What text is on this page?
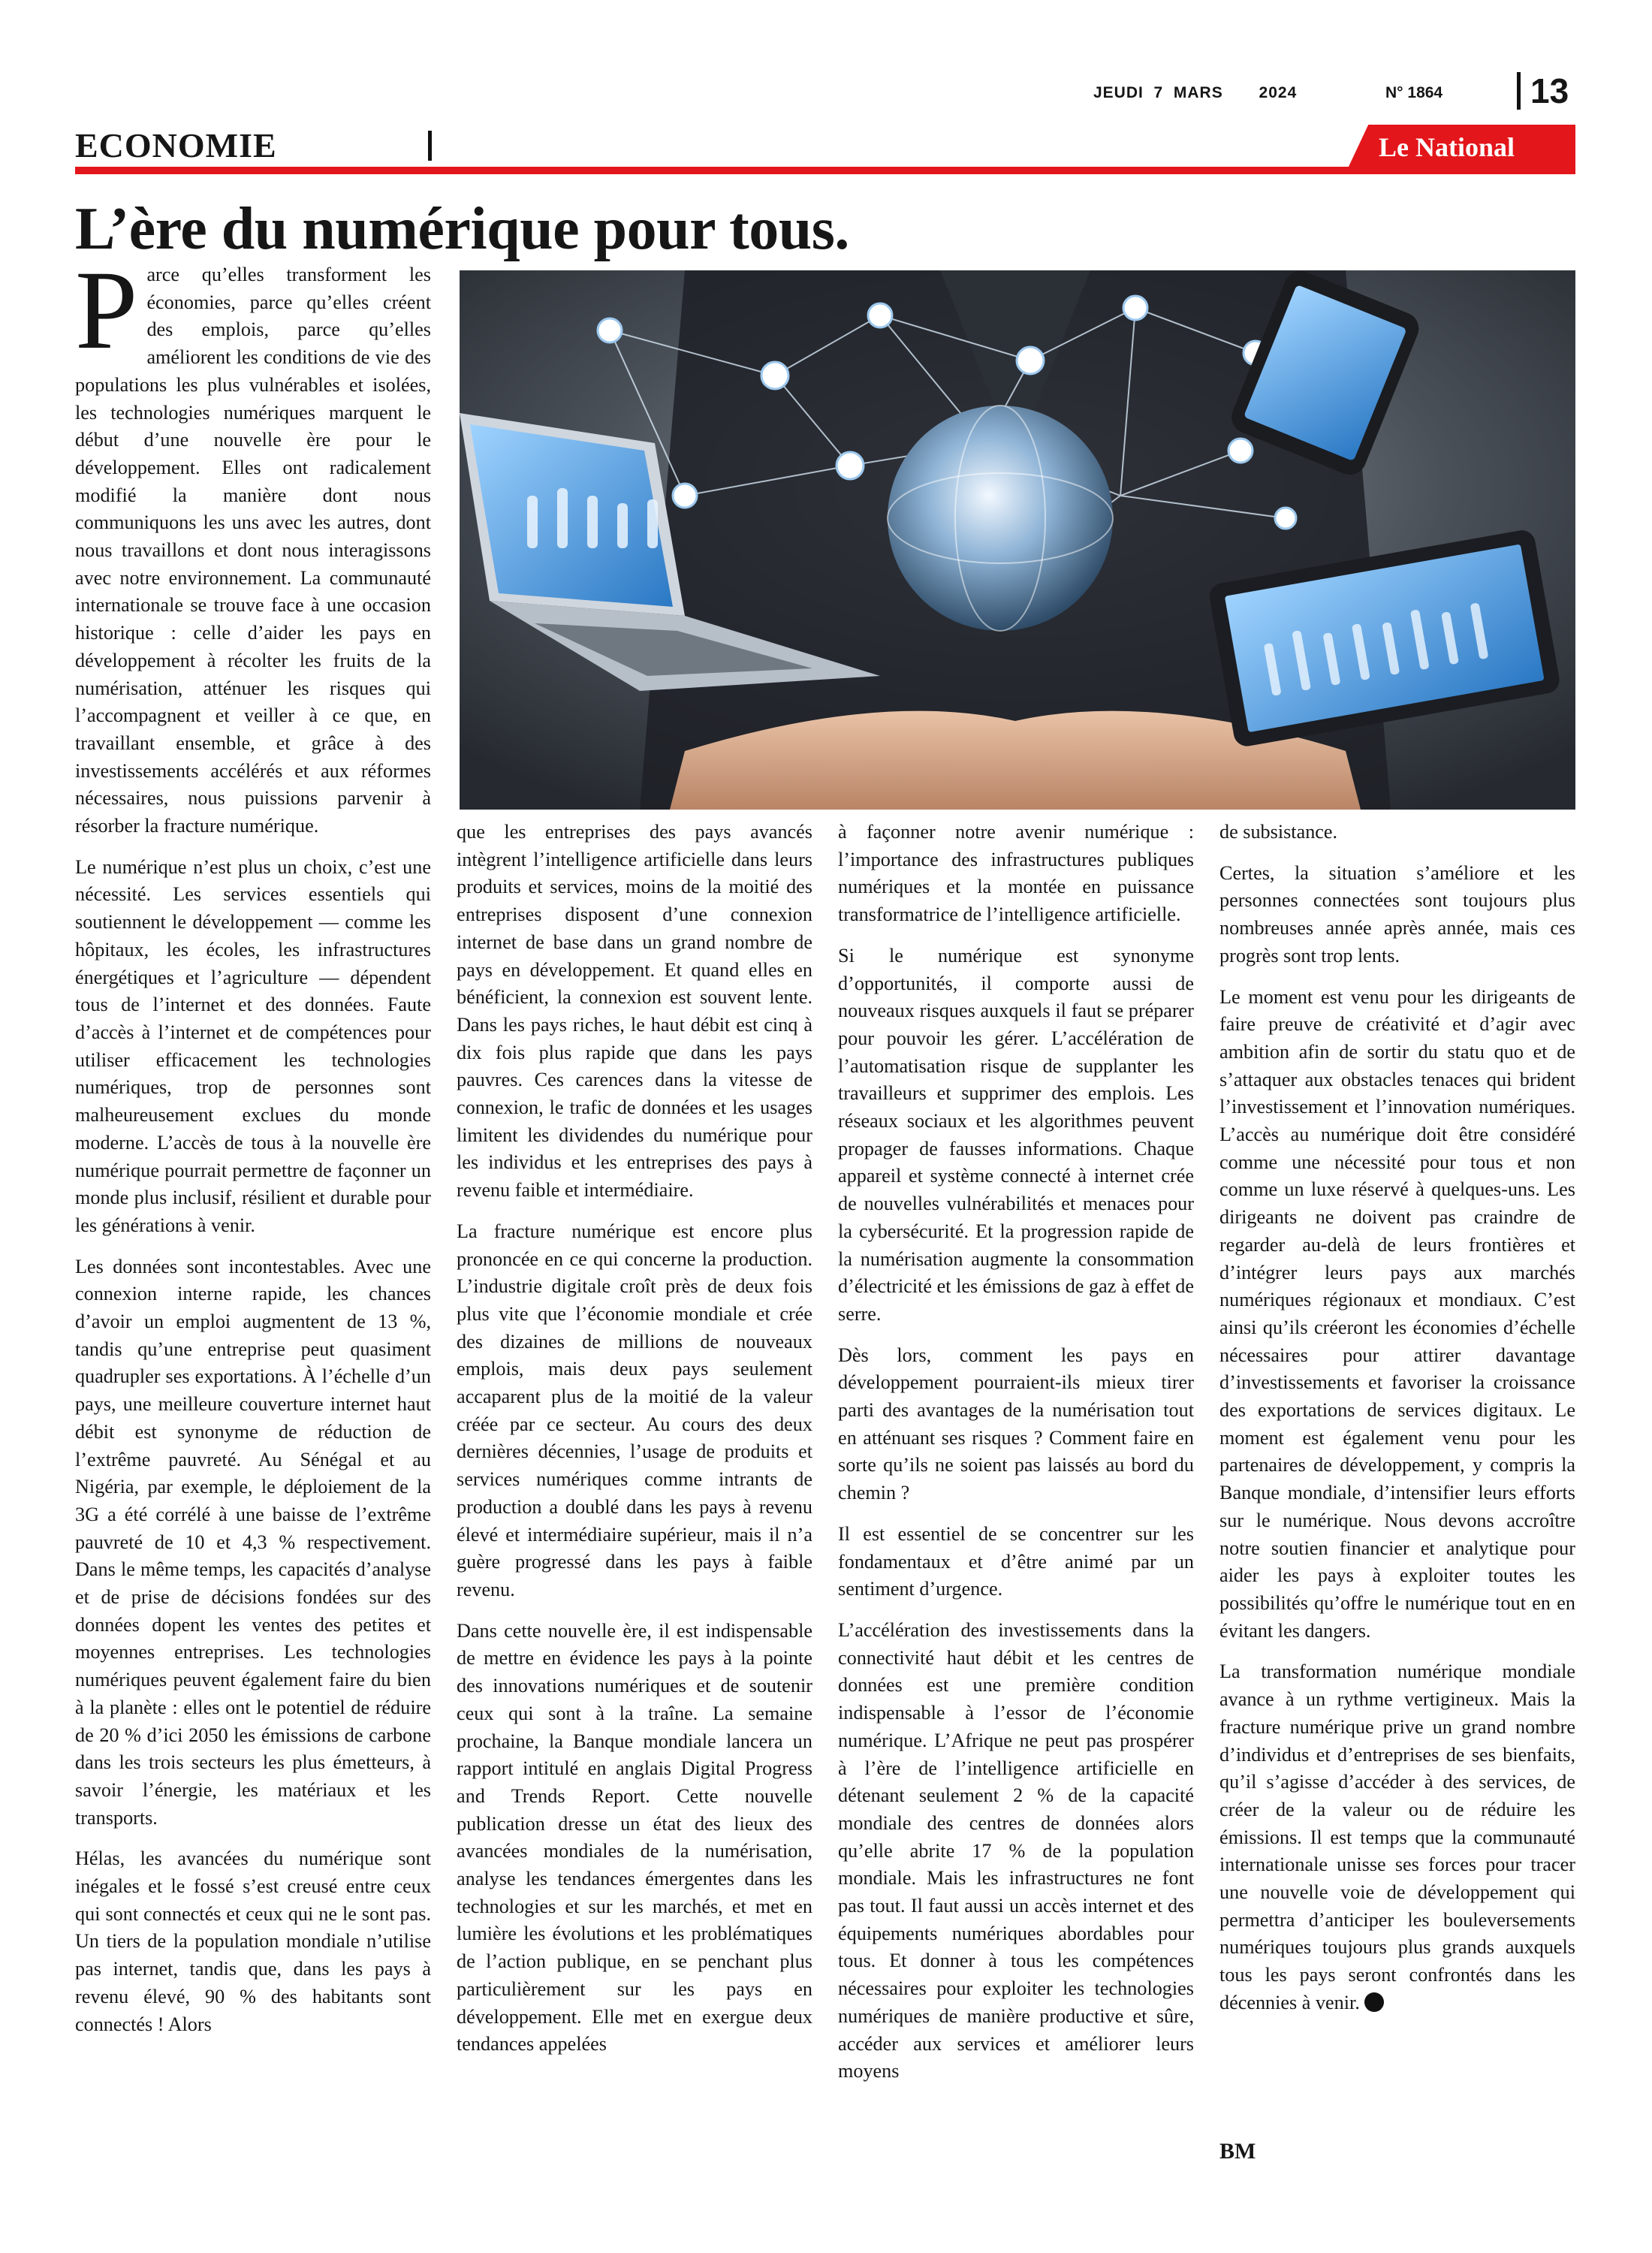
JEUDI  7  MARS       2024	N° 1864	13
ECONOMIE	Le National
L’ère du numérique pour tous.

Parce qu’elles transforment les économies, parce qu’elles créent des emplois, parce qu’elles améliorent les conditions de vie des populations les plus vulnérables et isolées, les technologies numériques marquent le début d’une nouvelle ère pour le développement. Elles ont radicalement modifié la manière dont nous communiquons les uns avec les autres, dont nous travaillons et dont nous interagissons avec notre environnement. La communauté internationale se trouve face à une occasion historique : celle d’aider les pays en développement à récolter les fruits de la numérisation, atténuer les risques qui l’accompagnent et veiller à ce que, en travaillant ensemble, et grâce à des investissements accélérés et aux réformes nécessaires, nous puissions parvenir à résorber la fracture numérique.

Le numérique n’est plus un choix, c’est une nécessité. Les services essentiels qui soutiennent le développement — comme les hôpitaux, les écoles, les infrastructures énergétiques et l’agriculture — dépendent tous de l’internet et des données. Faute d’accès à l’internet et de compétences pour utiliser efficacement les technologies numériques, trop de personnes sont malheureusement exclues du monde moderne. L’accès de tous à la nouvelle ère numérique pourrait permettre de façonner un monde plus inclusif, résilient et durable pour les générations à venir.

Les données sont incontestables. Avec une connexion interne rapide, les chances d’avoir un emploi augmentent de 13 %, tandis qu’une entreprise peut quasiment quadrupler ses exportations. À l’échelle d’un pays, une meilleure couverture internet haut débit est synonyme de réduction de l’extrême pauvreté. Au Sénégal et au Nigéria, par exemple, le déploiement de la 3G a été corrélé à une baisse de l’extrême pauvreté de 10 et 4,3 % respectivement. Dans le même temps, les capacités d’analyse et de prise de décisions fondées sur des données dopent les ventes des petites et moyennes entreprises. Les technologies numériques peuvent également faire du bien à la planète : elles ont le potentiel de réduire de 20 % d’ici 2050 les émissions de carbone dans les trois secteurs les plus émetteurs, à savoir l’énergie, les matériaux et les transports.

Hélas, les avancées du numérique sont inégales et le fossé s’est creusé entre ceux qui sont connectés et ceux qui ne le sont pas. Un tiers de la population mondiale n’utilise pas internet, tandis que, dans les pays à revenu élevé, 90 % des habitants sont connectés ! Alors

que les entreprises des pays avancés intègrent l’intelligence artificielle dans leurs produits et services, moins de la moitié des entreprises disposent d’une connexion internet de base dans un grand nombre de pays en développement. Et quand elles en bénéficient, la connexion est souvent lente. Dans les pays riches, le haut débit est cinq à dix fois plus rapide que dans les pays pauvres. Ces carences dans la vitesse de connexion, le trafic de données et les usages limitent les dividendes du numérique pour les individus et les entreprises des pays à revenu faible et intermédiaire.

La fracture numérique est encore plus prononcée en ce qui concerne la production. L’industrie digitale croît près de deux fois plus vite que l’économie mondiale et crée des dizaines de millions de nouveaux emplois, mais deux pays seulement accaparent plus de la moitié de la valeur créée par ce secteur. Au cours des deux dernières décennies, l’usage de produits et services numériques comme intrants de production a doublé dans les pays à revenu élevé et intermédiaire supérieur, mais il n’a guère progressé dans les pays à faible revenu.

Dans cette nouvelle ère, il est indispensable de mettre en évidence les pays à la pointe des innovations numériques et de soutenir ceux qui sont à la traîne. La semaine prochaine, la Banque mondiale lancera un rapport intitulé en anglais Digital Progress and Trends Report. Cette nouvelle publication dresse un état des lieux des avancées mondiales de la numérisation, analyse les tendances émergentes dans les technologies et sur les marchés, et met en lumière les évolutions et les problématiques de l’action publique, en se penchant plus particulièrement sur les pays en développement. Elle met en exergue deux tendances appelées

à façonner notre avenir numérique : l’importance des infrastructures publiques numériques et la montée en puissance transformatrice de l’intelligence artificielle.

Si le numérique est synonyme d’opportunités, il comporte aussi de nouveaux risques auxquels il faut se préparer pour pouvoir les gérer. L’accélération de l’automatisation risque de supplanter les travailleurs et supprimer des emplois. Les réseaux sociaux et les algorithmes peuvent propager de fausses informations. Chaque appareil et système connecté à internet crée de nouvelles vulnérabilités et menaces pour la cybersécurité. Et la progression rapide de la numérisation augmente la consommation d’électricité et les émissions de gaz à effet de serre.

Dès lors, comment les pays en développement pourraient-ils mieux tirer parti des avantages de la numérisation tout en atténuant ses risques ? Comment faire en sorte qu’ils ne soient pas laissés au bord du chemin ?

Il est essentiel de se concentrer sur les fondamentaux et d’être animé par un sentiment d’urgence.

L’accélération des investissements dans la connectivité haut débit et les centres de données est une première condition indispensable à l’essor de l’économie numérique. L’Afrique ne peut pas prospérer à l’ère de l’intelligence artificielle en détenant seulement 2 % de la capacité mondiale des centres de données alors qu’elle abrite 17 % de la population mondiale. Mais les infrastructures ne font pas tout. Il faut aussi un accès internet et des équipements numériques abordables pour tous. Et donner à tous les compétences nécessaires pour exploiter les technologies numériques de manière productive et sûre, accéder aux services et améliorer leurs moyens

de subsistance.

Certes, la situation s’améliore et les personnes connectées sont toujours plus nombreuses année après année, mais ces progrès sont trop lents.

Le moment est venu pour les dirigeants de faire preuve de créativité et d’agir avec ambition afin de sortir du statu quo et de s’attaquer aux obstacles tenaces qui brident l’investissement et l’innovation numériques. L’accès au numérique doit être considéré comme une nécessité pour tous et non comme un luxe réservé à quelques-uns. Les dirigeants ne doivent pas craindre de regarder au-delà de leurs frontières et d’intégrer leurs pays aux marchés numériques régionaux et mondiaux. C’est ainsi qu’ils créeront les économies d’échelle nécessaires pour attirer davantage d’investissements et favoriser la croissance des exportations de services digitaux. Le moment est également venu pour les partenaires de développement, y compris la Banque mondiale, d’intensifier leurs efforts sur le numérique. Nous devons accroître notre soutien financier et analytique pour aider les pays à exploiter toutes les possibilités qu’offre le numérique tout en en évitant les dangers.

La transformation numérique mondiale avance à un rythme vertigineux. Mais la fracture numérique prive un grand nombre d’individus et d’entreprises de ses bienfaits, qu’il s’agisse d’accéder à des services, de créer de la valeur ou de réduire les émissions. Il est temps que la communauté internationale unisse ses forces pour tracer une nouvelle voie de développement qui permettra d’anticiper les bouleversements numériques toujours plus grands auxquels tous les pays seront confrontés dans les décennies à venir.

BM
